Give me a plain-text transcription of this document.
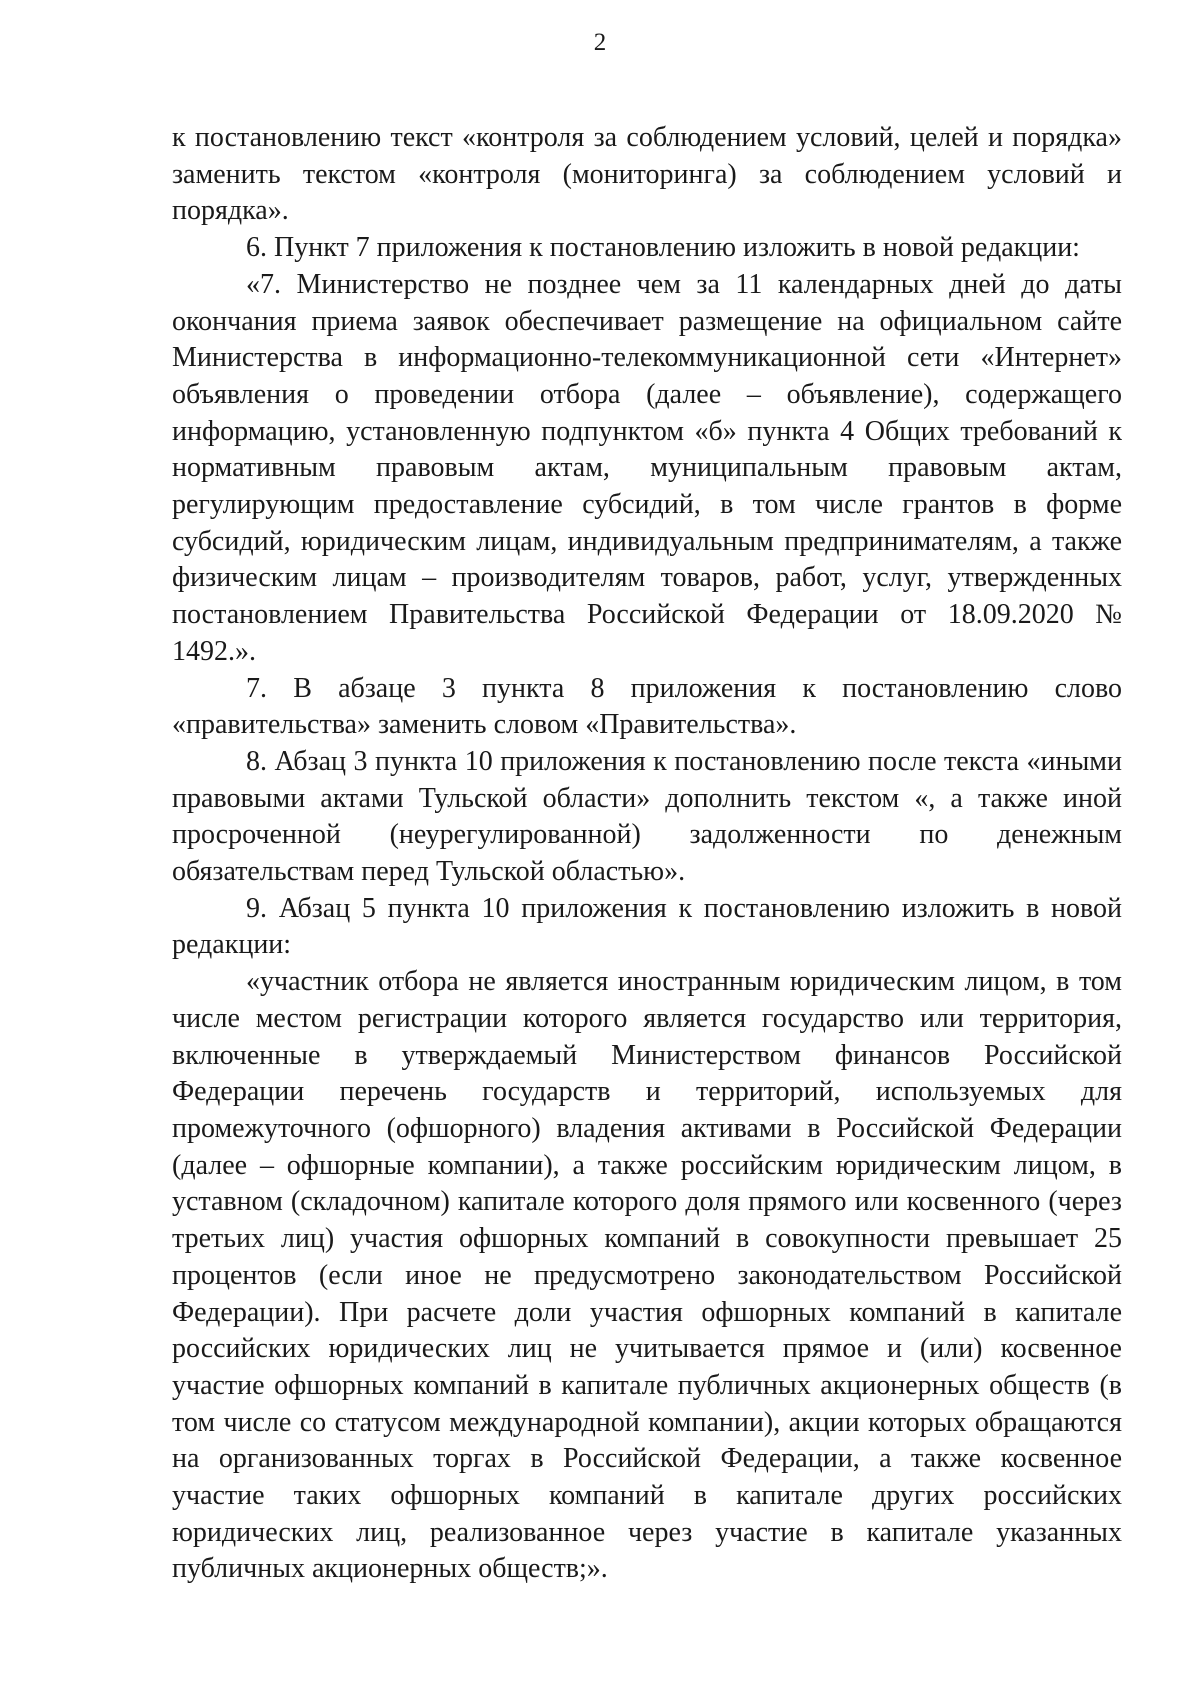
2

к постановлению текст «контроля за соблюдением условий, целей и порядка» заменить текстом «контроля (мониторинга) за соблюдением условий и порядка».

6. Пункт 7 приложения к постановлению изложить в новой редакции:

«7. Министерство не позднее чем за 11 календарных дней до даты окончания приема заявок обеспечивает размещение на официальном сайте Министерства в информационно-телекоммуникационной сети «Интернет» объявления о проведении отбора (далее – объявление), содержащего информацию, установленную подпунктом «б» пункта 4 Общих требований к нормативным правовым актам, муниципальным правовым актам, регулирующим предоставление субсидий, в том числе грантов в форме субсидий, юридическим лицам, индивидуальным предпринимателям, а также физическим лицам – производителям товаров, работ, услуг, утвержденных постановлением Правительства Российской Федерации от 18.09.2020 № 1492.».

7. В абзаце 3 пункта 8 приложения к постановлению слово «правительства» заменить словом «Правительства».

8. Абзац 3 пункта 10 приложения к постановлению после текста «иными правовыми актами Тульской области» дополнить текстом «, а также иной просроченной (неурегулированной) задолженности по денежным обязательствам перед Тульской областью».

9. Абзац 5 пункта 10 приложения к постановлению изложить в новой редакции:

«участник отбора не является иностранным юридическим лицом, в том числе местом регистрации которого является государство или территория, включенные в утверждаемый Министерством финансов Российской Федерации перечень государств и территорий, используемых для промежуточного (офшорного) владения активами в Российской Федерации (далее – офшорные компании), а также российским юридическим лицом, в уставном (складочном) капитале которого доля прямого или косвенного (через третьих лиц) участия офшорных компаний в совокупности превышает 25 процентов (если иное не предусмотрено законодательством Российской Федерации). При расчете доли участия офшорных компаний в капитале российских юридических лиц не учитывается прямое и (или) косвенное участие офшорных компаний в капитале публичных акционерных обществ (в том числе со статусом международной компании), акции которых обращаются на организованных торгах в Российской Федерации, а также косвенное участие таких офшорных компаний в капитале других российских юридических лиц, реализованное через участие в капитале указанных публичных акционерных обществ;».
